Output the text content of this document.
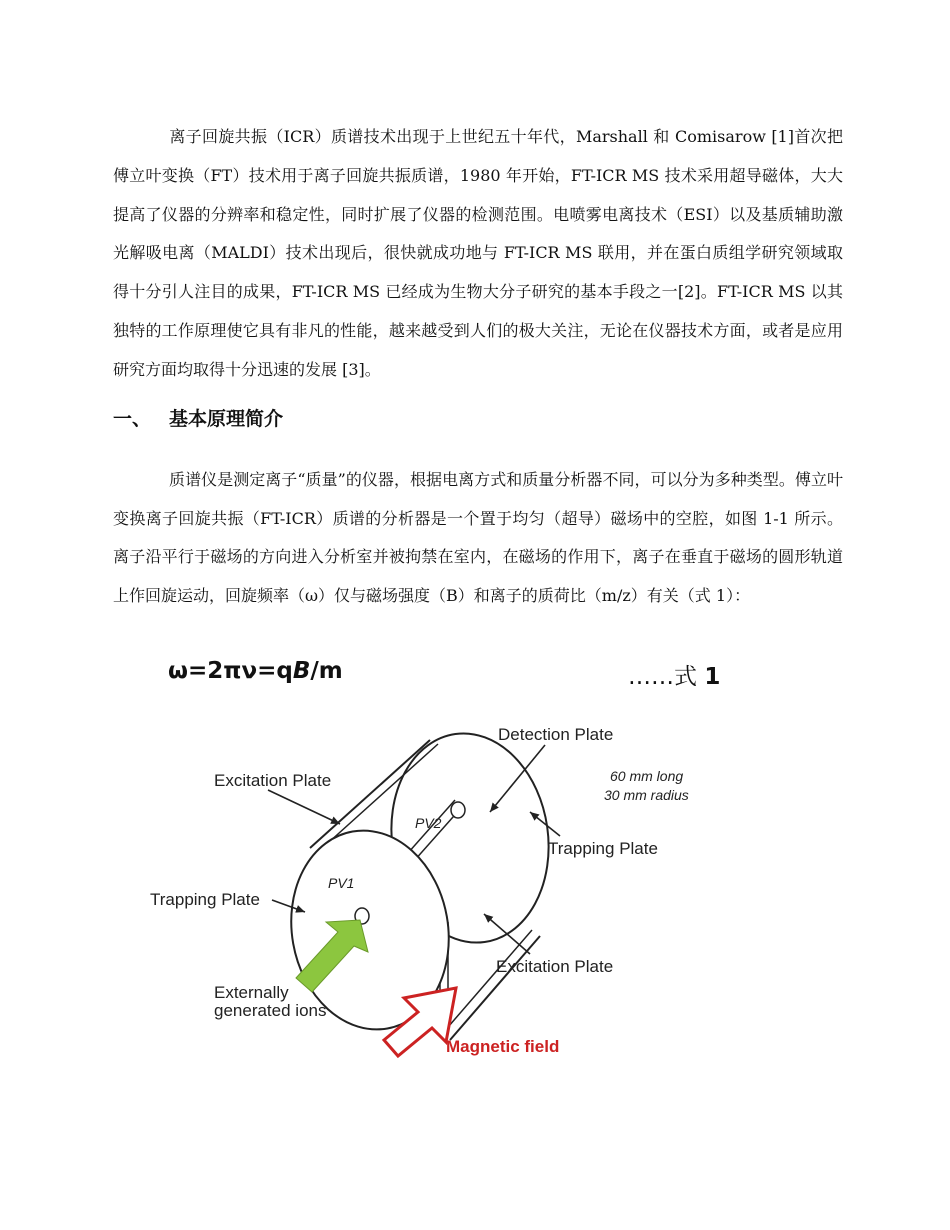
离子回旋共振（ICR）质谱技术出现于上世纪五十年代，Marshall 和 Comisarow [1]首次把傅立叶变换（FT）技术用于离子回旋共振质谱，1980 年开始，FT-ICR MS 技术采用超导磁体，大大提高了仪器的分辨率和稳定性，同时扩展了仪器的检测范围。电喷雾电离技术（ESI）以及基质辅助激光解吸电离（MALDI）技术出现后，很快就成功地与 FT-ICR MS 联用，并在蛋白质组学研究领域取得十分引人注目的成果，FT-ICR MS 已经成为生物大分子研究的基本手段之一[2]。FT-ICR MS 以其独特的工作原理使它具有非凡的性能，越来越受到人们的极大关注，无论在仪器技术方面，或者是应用研究方面均取得十分迅速的发展 [3]。

一、 基本原理简介

质谱仪是测定离子“质量”的仪器，根据电离方式和质量分析器不同，可以分为多种类型。傅立叶变换离子回旋共振（FT-ICR）质谱的分析器是一个置于均匀（超导）磁场中的空腔，如图 1-1 所示。离子沿平行于磁场的方向进入分析室并被拘禁在室内，在磁场的作用下，离子在垂直于磁场的圆形轨道上作回旋运动，回旋频率（ω）仅与磁场强度（B）和离子的质荷比（m/z）有关（式 1）：

ω=2πν=qB/m	……式 1
Detection Plate
Excitation Plate	60 mm long
30 mm radius
PV2
Trapping Plate
PV1
Trapping Plate
Excitation Plate
Externally
generated ions
Magnetic field
